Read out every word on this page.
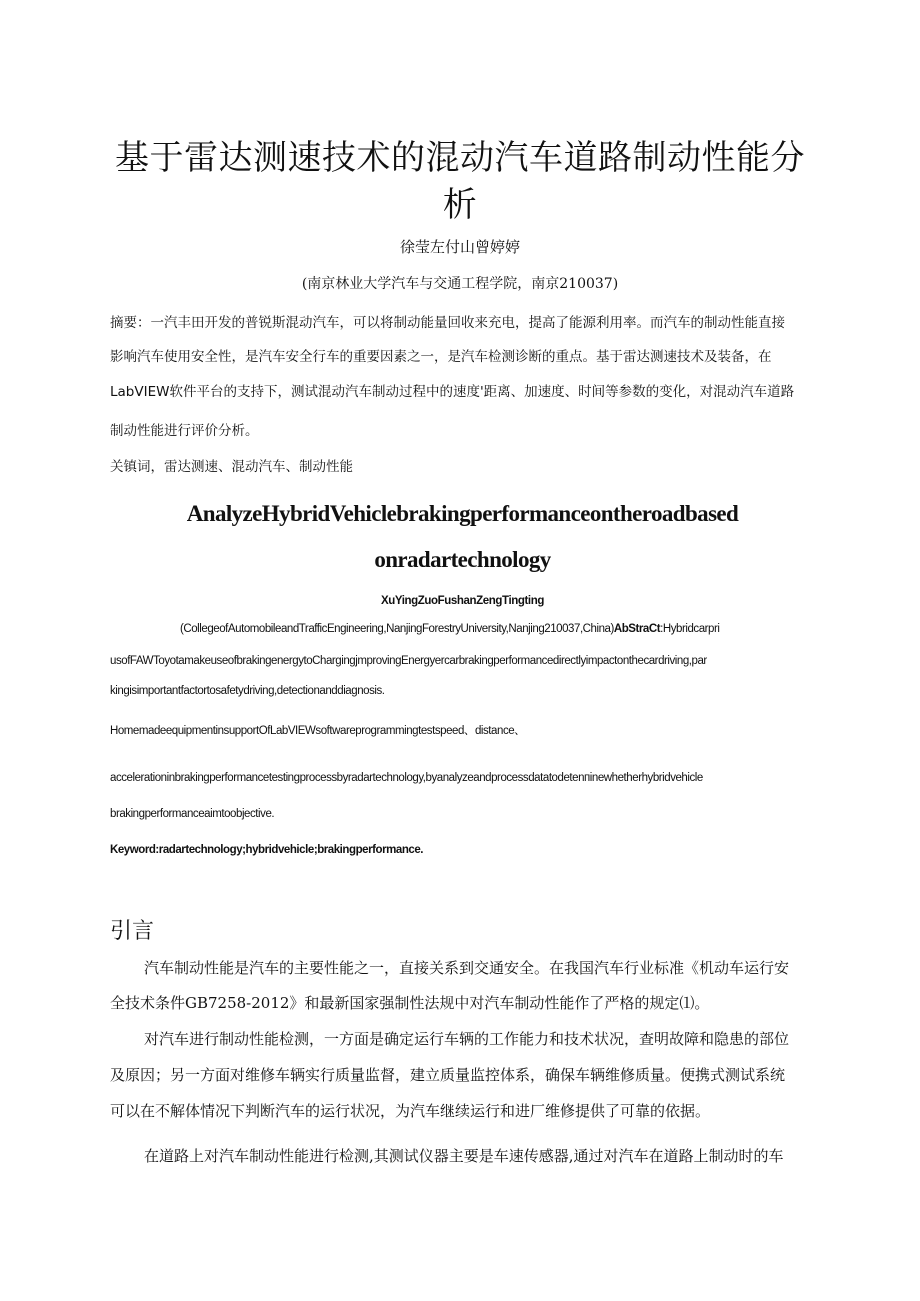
基于雷达测速技术的混动汽车道路制动性能分
析
徐莹左付山曾婷婷
(南京林业大学汽车与交通工程学院，南京210037)
摘要：一汽丰田开发的普锐斯混动汽车，可以将制动能量回收来充电，提高了能源利用率。而汽车的制动性能直接
影响汽车使用安全性，是汽车安全行车的重要因素之一，是汽车检测诊断的重点。基于雷达测速技术及装备，在
LabVIEW软件平台的支持下，测试混动汽车制动过程中的速度'距离、加速度、时间等参数的变化，对混动汽车道路
制动性能进行评价分析。
关镇词，雷达测速、混动汽车、制动性能
AnalyzeHybridVehiclebrakingperformanceontheroadbased
onradartechnology
XuYingZuoFushanZengTingting
(CollegeofAutomobileandTrafficEngineering,NanjingForestryUniversity,Nanjing210037,China)AbStraCt:Hybridcarpri
usofFAWToyotamakeuseofbrakingenergytoChargingjmprovingEnergyercarbrakingperformancedirectlyimpactonthecardriving,par
kingisimportantfactortosafetydriving,detectionanddiagnosis.
HomemadeequipmentinsupportOfLabVIEWsoftwareprogrammingtestspeed、distance、
accelerationinbrakingperformancetestingprocessbyradartechnology,byanalyzeandprocessdatatodetenпinewhetherhybridvehicle
brakingperformanceaimtoobjective.
Keyword:radartechnology;hybridvehicle;brakingperformance.
引言
汽车制动性能是汽车的主要性能之一，直接关系到交通安全。在我国汽车行业标准《机动车运行安
全技术条件GB7258-2012》和最新国家强制性法规中对汽车制动性能作了严格的规定⑴。
对汽车进行制动性能检测，一方面是确定运行车辆的工作能力和技术状况，查明故障和隐患的部位
及原因；另一方面对维修车辆实行质量监督，建立质量监控体系，确保车辆维修质量。便携式测试系统
可以在不解体情况下判断汽车的运行状况，为汽车继续运行和进厂维修提供了可靠的依据。
在道路上对汽车制动性能进行检测,其测试仪器主要是车速传感器,通过对汽车在道路上制动时的车
